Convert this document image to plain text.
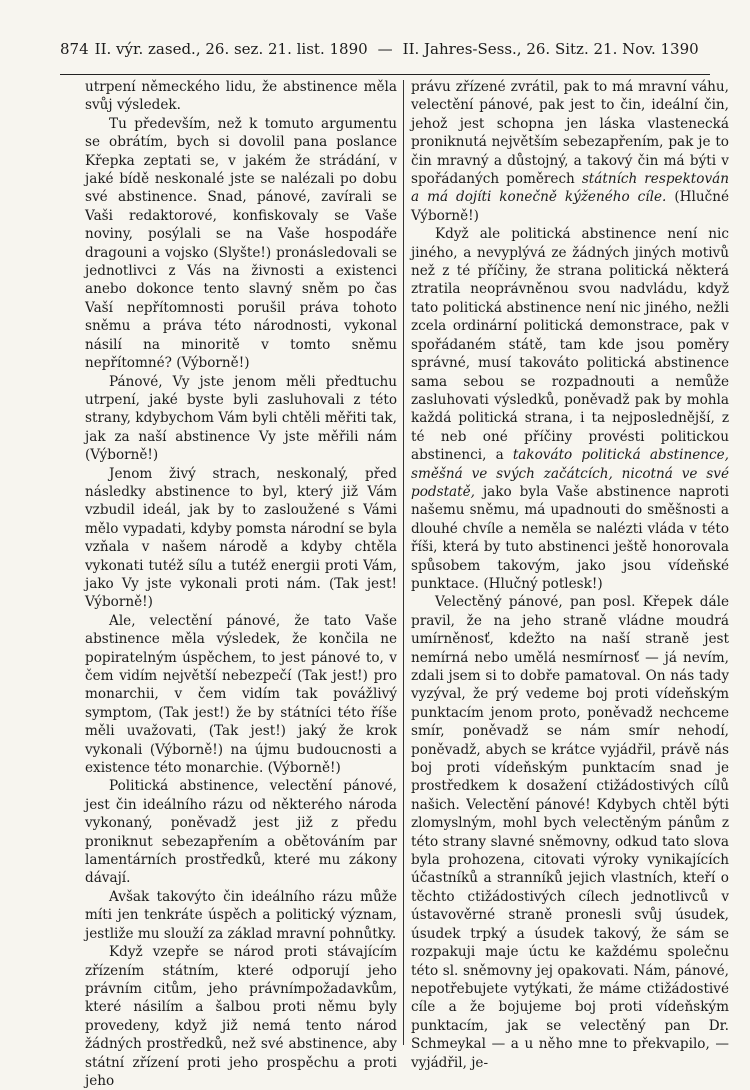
874 II. výr. zased., 26. sez. 21. list. 1890 — II. Jahres-Sess., 26. Sitz. 21. Nov. 1390

utrpení německého lidu, že abstinence měla svůj výsledek.

Tu především, než k tomuto argumentu se obrátím, bych si dovolil pana poslance Křepka zeptati se, v jakém že strádání, v jaké bídě neskonalé jste se nalézali po dobu své abstinence. Snad, pánové, zavírali se Vaši redaktorové, konfiskovaly se Vaše noviny, posýlali se na Vaše hospodáře dragouni a vojsko (Slyšte!) pronásledovali se jednotlivci z Vás na živnosti a existenci anebo dokonce tento slavný sněm po čas Vaší nepřítomnosti porušil práva tohoto sněmu a práva této národnosti, vykonal násilí na minoritě v tomto sněmu nepřítomné? (Výborně!)

Pánové, Vy jste jenom měli předtuchu utrpení, jaké byste byli zasluhovali z této strany, kdybychom Vám byli chtěli měřiti tak, jak za naší abstinence Vy jste měřili nám (Výborně!)

Jenom živý strach, neskonalý, před následky abstinence to byl, který již Vám vzbudil ideál, jak by to zasloužené s Vámi mělo vypadati, kdyby pomsta národní se byla vzňala v našem národě a kdyby chtěla vykonati tutéž sílu a tutéž energii proti Vám, jako Vy jste vykonali proti nám. (Tak jest! Výborně!)

Ale, velectění pánové, že tato Vaše abstinence měla výsledek, že končila ne popiratelným úspěchem, to jest pánové to, v čem vidím největší nebezpečí (Tak jest!) pro monarchii, v čem vidím tak povážlivý symptom, (Tak jest!) že by státníci této říše měli uvažovati, (Tak jest!) jaký že krok vykonali (Výborně!) na újmu budoucnosti a existence této monarchie. (Výborně!)

Politická abstinence, velectění pánové, jest čin ideálního rázu od některého národa vykonaný, poněvadž jest již z předu proniknut sebezapřením a obětováním par lamentárních prostředků, které mu zákony dávají.

Avšak takovýto čin ideálního rázu může míti jen tenkráte úspěch a politický význam, jestliže mu slouží za základ mravní pohnůtky.

Když vzepře se národ proti stávajícím zřízením státním, které odporují jeho právním citům, jeho právnímpožadavkům, které násilím a šalbou proti němu byly provedeny, když již nemá tento národ žádných prostředků, než své abstinence, aby státní zřízení proti jeho prospěchu a proti jeho

právu zřízené zvrátil, pak to má mravní váhu, velectění pánové, pak jest to čin, ideální čin, jehož jest schopna jen láska vlastenecká proniknutá největším sebezapřením, pak je to čin mravný a důstojný, a takový čin má býti v spořádaných poměrech státních respektován a má dojíti konečně kýženého cíle. (Hlučné Výborně!)

Když ale politická abstinence není nic jiného, a nevyplývá ze žádných jiných motivů než z té příčiny, že strana politická některá ztratila neoprávněnou svou nadvládu, když tato politická abstinence není nic jiného, nežli zcela ordinární politická demonstrace, pak v spořádaném státě, tam kde jsou poměry správné, musí takováto politická abstinence sama sebou se rozpadnouti a nemůže zasluhovati výsledků, poněvadž pak by mohla každá politická strana, i ta nejposlednější, z té neb oné příčiny provésti politickou abstinenci, a takováto politická abstinence, směšná ve svých začátcích, nicotná ve své podstatě, jako byla Vaše abstinence naproti našemu sněmu, má upadnouti do směšnosti a dlouhé chvíle a neměla se nalézti vláda v této říši, která by tuto abstinenci ještě honorovala spůsobem takovým, jako jsou vídeňské punktace. (Hlučný potlesk!)

Velectěný pánové, pan posl. Křepek dále pravil, že na jeho straně vládne moudrá umírněnosť, kdežto na naší straně jest nemírná nebo umělá nesmírnosť — já nevím, zdali jsem si to dobře pamatoval. On nás tady vyzýval, že prý vedeme boj proti vídeňským punktacím jenom proto, poněvadž nechceme smír, poněvadž se nám smír nehodí, poněvadž, abych se krátce vyjádřil, právě nás boj proti vídeňským punktacím snad je prostředkem k dosažení ctižádostivých cílů našich. Velectění pánové! Kdybych chtěl býti zlomyslným, mohl bych velectěným pánům z této strany slavné sněmovny, odkud tato slova byla prohozena, citovati výroky vynikajících účastníků a stranníků jejich vlastních, kteří o těchto ctižádostivých cílech jednotlivců v ústavověrné straně pronesli svůj úsudek, úsudek trpký a úsudek takový, že sám se rozpakuji maje úctu ke každému společnu této sl. sněmovny jej opakovati. Nám, pánové, nepotřebujete vytýkati, že máme ctižádostivé cíle a že bojujeme boj proti vídeňským punktacím, jak se velectěný pan Dr. Schmeykal — a u něho mne to překvapilo, — vyjádřil, je-
